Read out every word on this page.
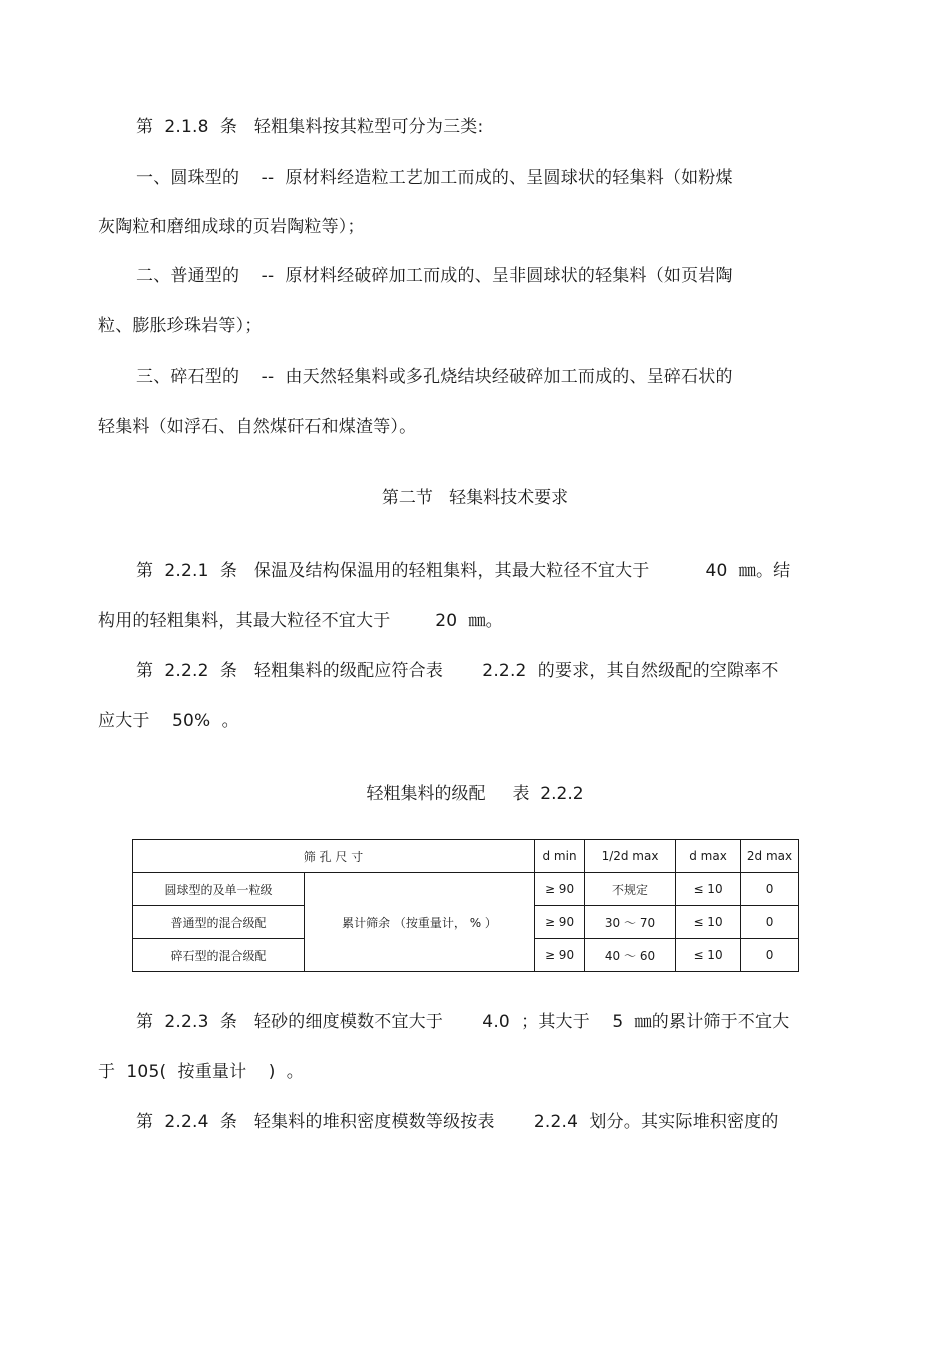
第  2.1.8  条   轻粗集料按其粒型可分为三类:
一、圆珠型的    --  原材料经造粒工艺加工而成的、呈圆球状的轻集料（如粉煤
灰陶粒和磨细成球的页岩陶粒等）；
二、普通型的    --  原材料经破碎加工而成的、呈非圆球状的轻集料（如页岩陶
粒、膨胀珍珠岩等）；
三、碎石型的    --  由天然轻集料或多孔烧结块经破碎加工而成的、呈碎石状的
轻集料（如浮石、自然煤矸石和煤渣等）。
第二节   轻集料技术要求
第  2.2.1  条   保温及结构保温用的轻粗集料，其最大粒径不宜大于          40  ㎜。结
构用的轻粗集料，其最大粒径不宜大于        20  ㎜。
第  2.2.2  条   轻粗集料的级配应符合表       2.2.2  的要求，其自然级配的空隙率不
应大于    50%  。
轻粗集料的级配     表  2.2.2
筛 孔 尺 寸		d min	1/2d max	d max	2d max
圆球型的及单一粒级	累计筛余 （按重量计， % ）	≥ 90	不规定	≤ 10	0
普通型的混合级配		≥ 90	30 ～ 70	≤ 10	0
碎石型的混合级配		≥ 90	40 ～ 60	≤ 10	0
第  2.2.3  条   轻砂的细度模数不宜大于       4.0  ；其大于    5  ㎜的累计筛于不宜大
于  105(  按重量计    )  。
第  2.2.4  条   轻集料的堆积密度模数等级按表       2.2.4  划分。其实际堆积密度的
